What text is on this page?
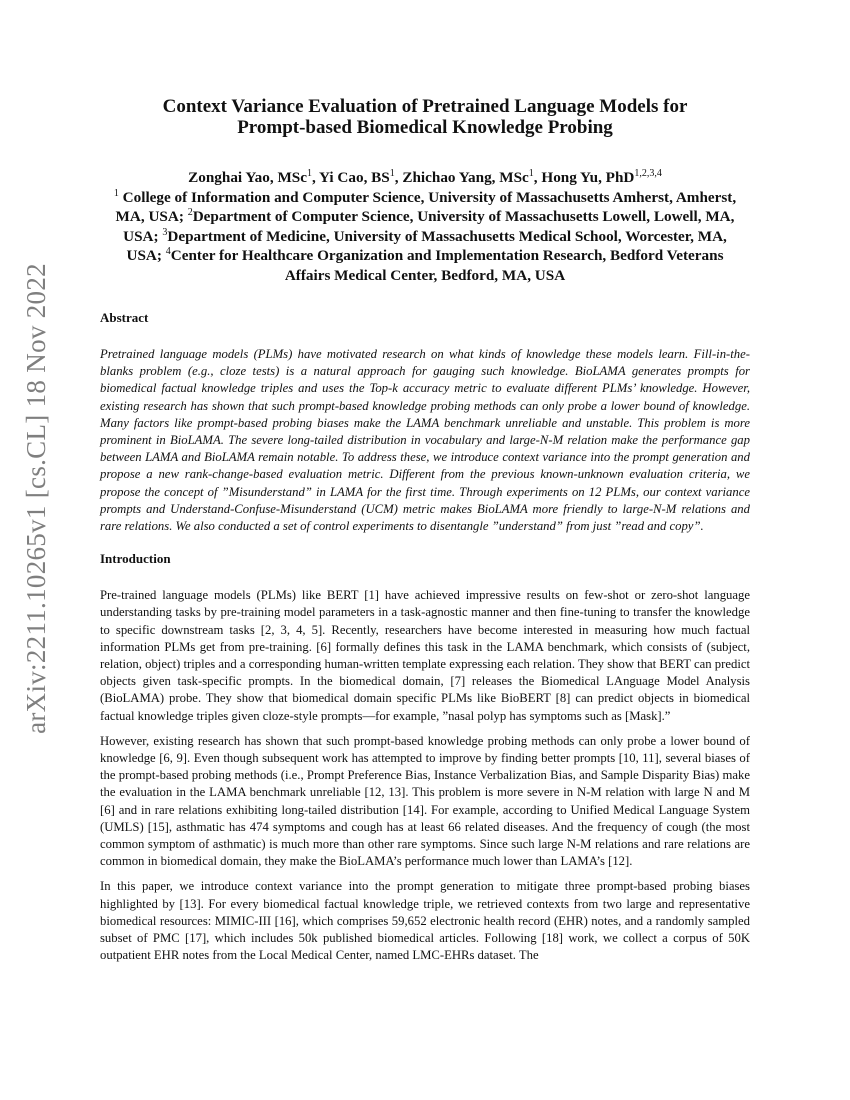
arXiv:2211.10265v1 [cs.CL] 18 Nov 2022
Context Variance Evaluation of Pretrained Language Models for
Prompt-based Biomedical Knowledge Probing
Zonghai Yao, MSc$^1$, Yi Cao, $BS^1$, Zhichao Yang, MSc$^1$, Hong Yu, PhD$^{1,2,3,4}$
$^1$ College of Information and Computer Science, University of Massachusetts Amherst, Amherst, MA, USA; $^2$Department of Computer Science, University of Massachusetts Lowell, Lowell, MA, USA; $^3$Department of Medicine, University of Massachusetts Medical School, Worcester, MA, USA; $^4$Center for Healthcare Organization and Implementation Research, Bedford Veterans Affairs Medical Center, Bedford, MA, USA
Abstract

Pretrained language models (PLMs) have motivated research on what kinds of knowledge these models learn. Fill-in-the-blanks problem (e.g., cloze tests) is a natural approach for gauging such knowledge. BioLAMA generates prompts for biomedical factual knowledge triples and uses the Top-k accuracy metric to evaluate different PLMs’ knowledge. However, existing research has shown that such prompt-based knowledge probing methods can only probe a lower bound of knowledge. Many factors like prompt-based probing biases make the LAMA benchmark unreliable and unstable. This problem is more prominent in BioLAMA. The severe long-tailed distribution in vocabulary and large-N-M relation make the performance gap between LAMA and BioLAMA remain notable. To address these, we introduce context variance into the prompt generation and propose a new rank-change-based evaluation metric. Different from the previous known-unknown evaluation criteria, we propose the concept of ”Misunderstand” in LAMA for the first time. Through experiments on 12 PLMs, our context variance prompts and Understand-Confuse-Misunderstand (UCM) metric makes BioLAMA more friendly to large-N-M relations and rare relations. We also conducted a set of control experiments to disentangle ”understand” from just ”read and copy”.

Introduction

Pre-trained language models (PLMs) like BERT [1] have achieved impressive results on few-shot or zero-shot language understanding tasks by pre-training model parameters in a task-agnostic manner and then fine-tuning to transfer the knowledge to specific downstream tasks [2, 3, 4, 5]. Recently, researchers have become interested in measuring how much factual information PLMs get from pre-training. [6] formally defines this task in the LAMA benchmark, which consists of (subject, relation, object) triples and a corresponding human-written template expressing each relation. They show that BERT can predict objects given task-specific prompts. In the biomedical domain, [7] releases the Biomedical LAnguage Model Analysis (BioLAMA) probe. They show that biomedical domain specific PLMs like BioBERT [8] can predict objects in biomedical factual knowledge triples given cloze-style prompts—for example, ”nasal polyp has symptoms such as [Mask].”

However, existing research has shown that such prompt-based knowledge probing methods can only probe a lower bound of knowledge [6, 9]. Even though subsequent work has attempted to improve by finding better prompts [10, 11], several biases of the prompt-based probing methods (i.e., Prompt Preference Bias, Instance Verbalization Bias, and Sample Disparity Bias) make the evaluation in the LAMA benchmark unreliable [12, 13]. This problem is more severe in N-M relation with large N and M [6] and in rare relations exhibiting long-tailed distribution [14]. For example, according to Unified Medical Language System (UMLS) [15], asthmatic has 474 symptoms and cough has at least 66 related diseases. And the frequency of cough (the most common symptom of asthmatic) is much more than other rare symptoms. Since such large N-M relations and rare relations are common in biomedical domain, they make the BioLAMA’s performance much lower than LAMA’s [12].

In this paper, we introduce context variance into the prompt generation to mitigate three prompt-based probing biases highlighted by [13]. For every biomedical factual knowledge triple, we retrieved contexts from two large and representative biomedical resources: MIMIC-III [16], which comprises 59,652 electronic health record (EHR) notes, and a randomly sampled subset of PMC [17], which includes 50k published biomedical articles. Following [18] work, we collect a corpus of 50K outpatient EHR notes from the Local Medical Center, named LMC-EHRs dataset. The
